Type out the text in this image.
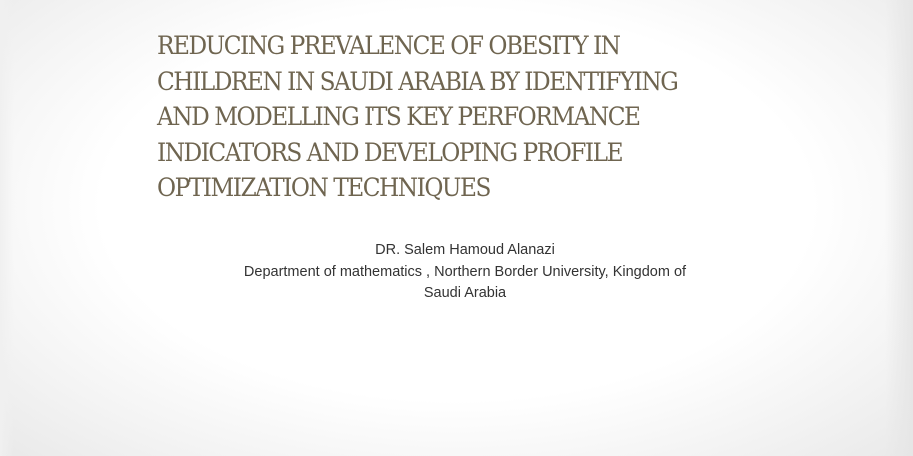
REDUCING PREVALENCE OF OBESITY IN
CHILDREN IN SAUDI ARABIA BY IDENTIFYING
AND MODELLING ITS KEY PERFORMANCE
INDICATORS AND DEVELOPING PROFILE
OPTIMIZATION TECHNIQUES
DR. Salem Hamoud Alanazi
Department of mathematics , Northern Border University, Kingdom of
Saudi Arabia
